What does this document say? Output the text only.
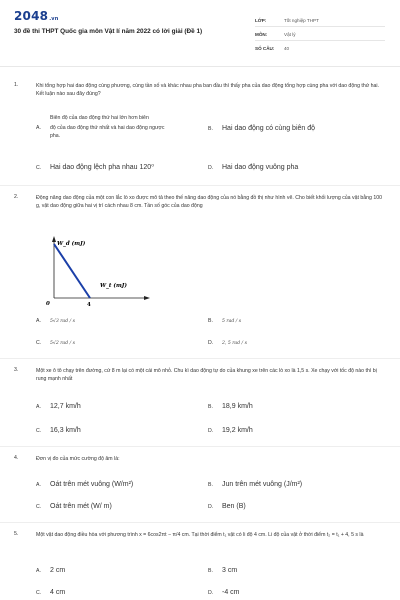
2048.vn
30 đề thi THPT Quốc gia môn Vật lí năm 2022 có lời giải (Đề 1)
LỚP:	Tốt nghiệp THPT
MÔN:	Vật lý
SỐ CÂU: 40
1.	Khi tổng hợp hai dao động cùng phương, cùng tần số và khác nhau pha ban đầu thì thấy pha của dao động tổng hợp cùng pha với dao động thứ hai. Kết luận nào sau đây đúng?
Biên độ của dao động thứ hai lớn hơn biên
A. độ của dao động thứ nhất và hai dao động ngược pha.
B. Hai dao động có cùng biên độ
C. Hai dao động lệch pha nhau 120⁰	D. Hai dao động vuông pha
2.	Động năng dao động của một con lắc lò xo được mô tả theo thế năng dao động của nó bằng đồ thị như hình vẽ. Cho biết khối lượng của vật bằng 100 g, vật dao động giữa hai vị trí cách nhau 8 cm. Tần số góc của dao động
W_đ (mJ)
W_t (mJ)
0	4
A. 5√3 rad / s	B. 5 rad / s
C. 5√2 rad / s	D. 2, 5 rad / s
3.	Một xe ô tô chạy trên đường, cứ 8 m lại có một cái mô nhỏ. Chu kì dao động tự do của khung xe trên các lò xo là 1,5 s. Xe chạy với tốc độ nào thì bị rung mạnh nhất
A. 12,7 km/h	B. 18,9 km/h
C. 16,3 km/h	D. 19,2 km/h
4.	Đơn vị đo của mức cường độ âm là:
A. Oát trên mét vuông (W/m²)	B. Jun trên mét vuông (J/m²)
C. Oát trên mét (W/ m)	D. Ben (B)
5.	Một vật dao động điều hòa với phương trình x = 6cos2πt − π/4 cm. Tại thời điểm t₁ vật có li độ 4 cm. Li độ của vật ở thời điểm t₂ = t₁ + 4, 5 s là
A. 2 cm	B. 3 cm
C. 4 cm	D. -4 cm
